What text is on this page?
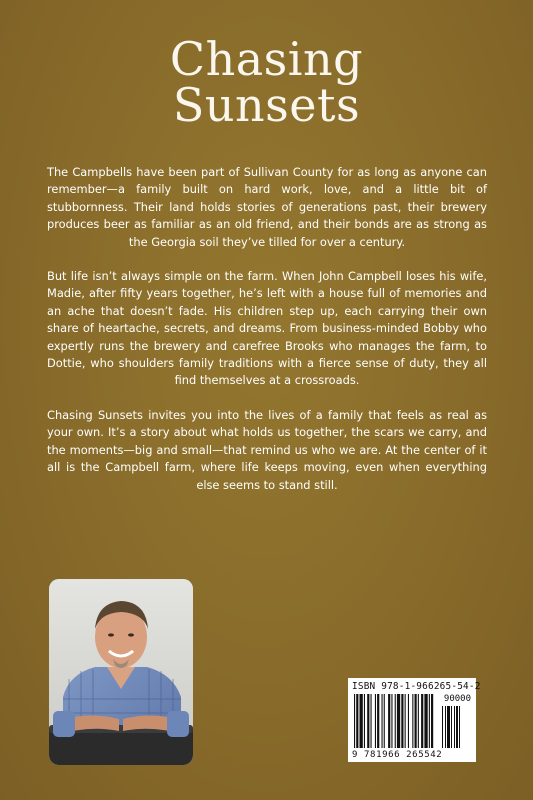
Chasing
Sunsets

The Campbells have been part of Sullivan County for as long as anyone can remember—a family built on hard work, love, and a little bit of stubbornness. Their land holds stories of generations past, their brewery produces beer as familiar as an old friend, and their bonds are as strong as the Georgia soil they’ve tilled for over a century.

But life isn’t always simple on the farm. When John Campbell loses his wife, Madie, after fifty years together, he’s left with a house full of memories and an ache that doesn’t fade. His children step up, each carrying their own share of heartache, secrets, and dreams. From business-minded Bobby who expertly runs the brewery and carefree Brooks who manages the farm, to Dottie, who shoulders family traditions with a fierce sense of duty, they all find themselves at a crossroads.

Chasing Sunsets invites you into the lives of a family that feels as real as your own. It’s a story about what holds us together, the scars we carry, and the moments—big and small—that remind us who we are. At the center of it all is the Campbell farm, where life keeps moving, even when everything else seems to stand still.

ISBN 978-1-966265-54-2
90000
9 781966 265542
